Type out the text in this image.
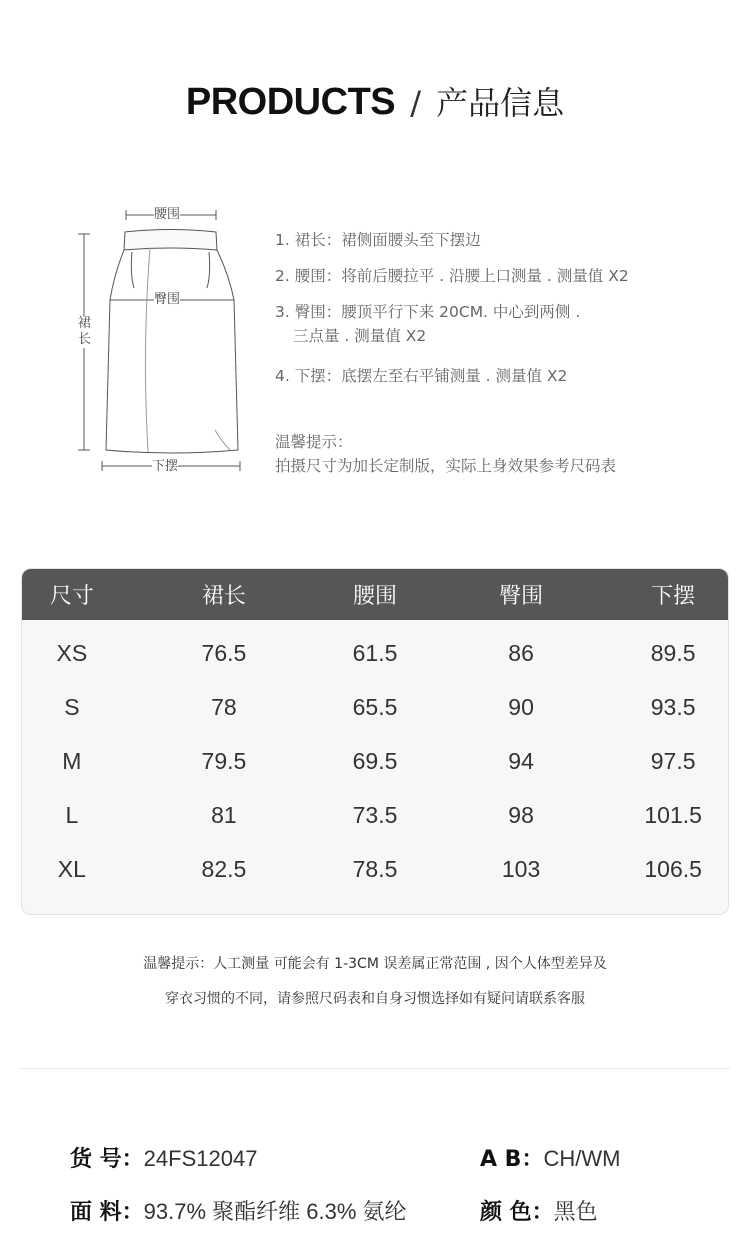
PRODUCTS / 产品信息
腰围
裙
长
臀围
下摆
1. 裙长：裙侧面腰头至下摆边
2. 腰围：将前后腰拉平 . 沿腰上口测量 . 测量值 X2
3. 臀围：腰顶平行下来 20CM. 中心到两侧 .
三点量 . 测量值 X2
4. 下摆：底摆左至右平铺测量 . 测量值 X2
温馨提示：
拍摄尺寸为加长定制版，实际上身效果参考尺码表
尺寸	裙长	腰围	臀围	下摆
XS	76.5	61.5	86	89.5
S	78	65.5	90	93.5
M	79.5	69.5	94	97.5
L	81	73.5	98	101.5
XL	82.5	78.5	103	106.5
温馨提示：人工测量 可能会有 1-3CM 误差属正常范围 , 因个人体型差异及
穿衣习惯的不同，请参照尺码表和自身习惯选择如有疑问请联系客服
货 号：24FS12047	A B：CH/WM
面 料：93.7% 聚酯纤维 6.3% 氨纶	颜 色：黑色
